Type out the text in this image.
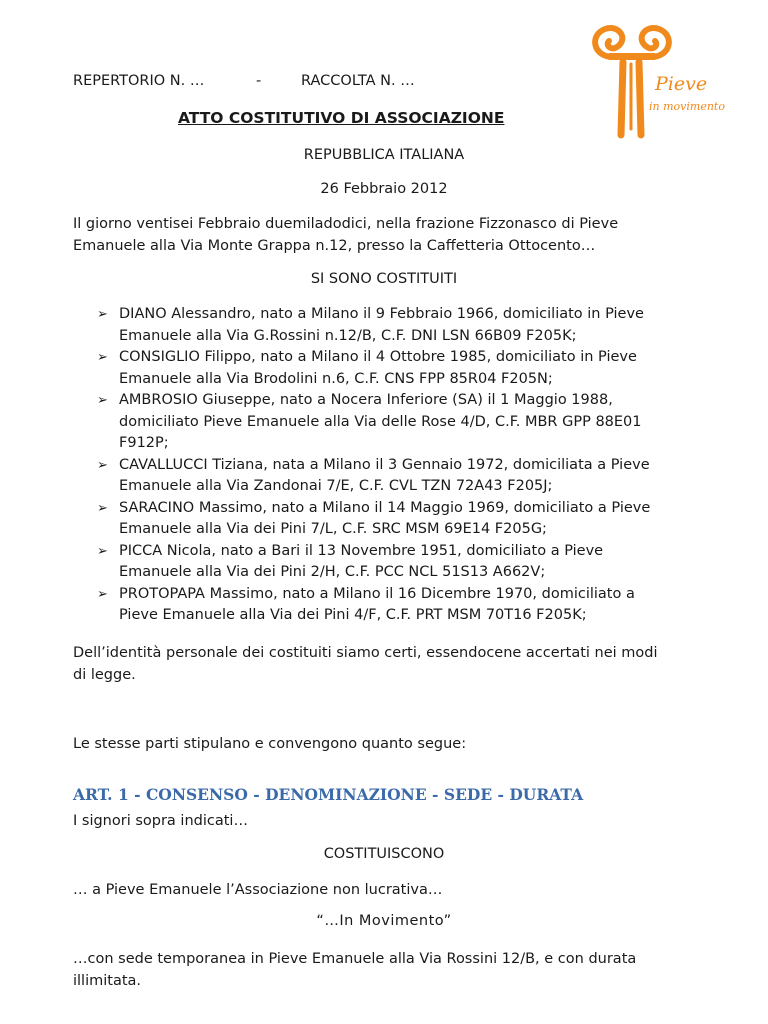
REPERTORIO N. …	-	RACCOLTA N. …	Pieve
in movimento
ATTO COSTITUTIVO DI ASSOCIAZIONE
REPUBBLICA ITALIANA
26 Febbraio 2012
Il giorno ventisei Febbraio duemiladodici, nella frazione Fizzonasco di Pieve
Emanuele alla Via Monte Grappa n.12, presso la Caffetteria Ottocento…
SI SONO COSTITUITI
➢ DIANO Alessandro, nato a Milano il 9 Febbraio 1966, domiciliato in Pieve
Emanuele alla Via G.Rossini n.12/B, C.F. DNI LSN 66B09 F205K;
➢ CONSIGLIO Filippo, nato a Milano il 4 Ottobre 1985, domiciliato in Pieve
Emanuele alla Via Brodolini n.6, C.F. CNS FPP 85R04 F205N;
➢ AMBROSIO Giuseppe, nato a Nocera Inferiore (SA) il 1 Maggio 1988,
domiciliato Pieve Emanuele alla Via delle Rose 4/D, C.F. MBR GPP 88E01
F912P;
➢ CAVALLUCCI Tiziana, nata a Milano il 3 Gennaio 1972, domiciliata a Pieve
Emanuele alla Via Zandonai 7/E, C.F. CVL TZN 72A43 F205J;
➢ SARACINO Massimo, nato a Milano il 14 Maggio 1969, domiciliato a Pieve
Emanuele alla Via dei Pini 7/L, C.F. SRC MSM 69E14 F205G;
➢ PICCA Nicola, nato a Bari il 13 Novembre 1951, domiciliato a Pieve
Emanuele alla Via dei Pini 2/H, C.F. PCC NCL 51S13 A662V;
➢ PROTOPAPA Massimo, nato a Milano il 16 Dicembre 1970, domiciliato a
Pieve Emanuele alla Via dei Pini 4/F, C.F. PRT MSM 70T16 F205K;
Dell’identità personale dei costituiti siamo certi, essendocene accertati nei modi
di legge.
Le stesse parti stipulano e convengono quanto segue:
ART. 1 - CONSENSO - DENOMINAZIONE - SEDE - DURATA
I signori sopra indicati…
COSTITUISCONO
… a Pieve Emanuele l’Associazione non lucrativa…
“…In Movimento”
…con sede temporanea in Pieve Emanuele alla Via Rossini 12/B, e con durata
illimitata.
